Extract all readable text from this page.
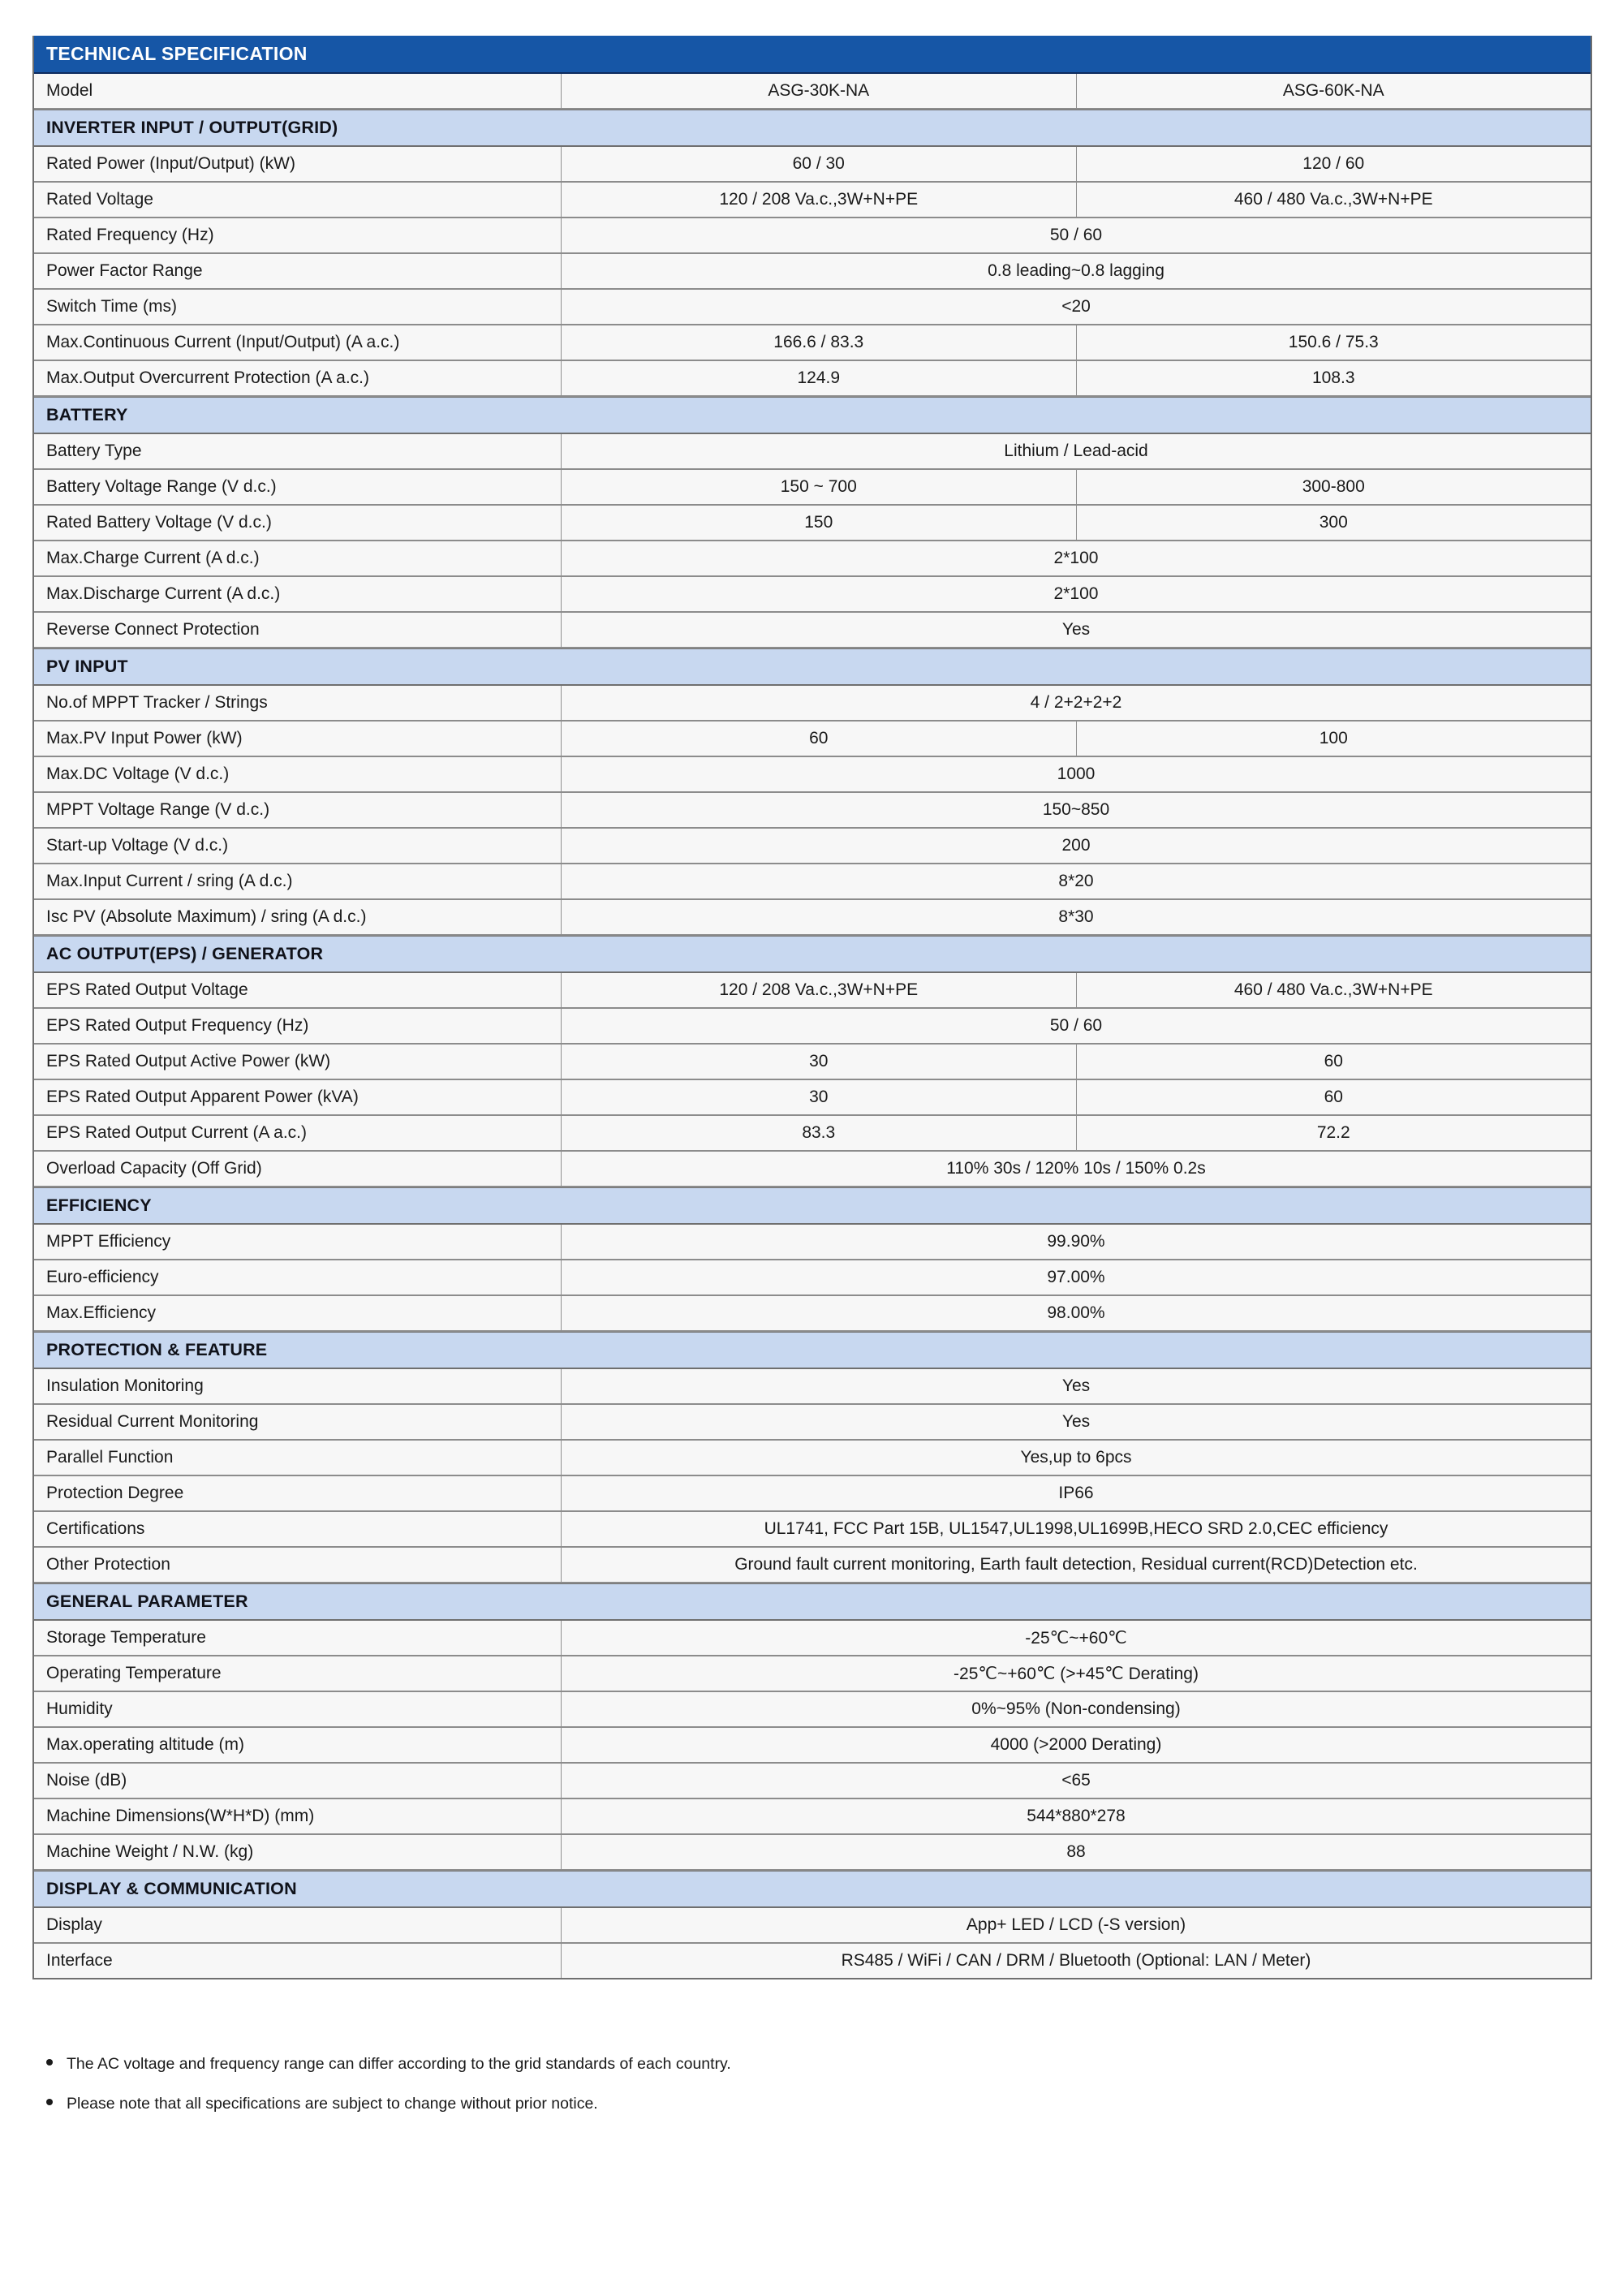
TECHNICAL SPECIFICATION
Model	ASG-30K-NA	ASG-60K-NA
INVERTER INPUT / OUTPUT(GRID)
Rated Power (Input/Output) (kW)	60 / 30	120 / 60
Rated Voltage	120 / 208 Va.c.,3W+N+PE	460 / 480 Va.c.,3W+N+PE
Rated Frequency (Hz)	50 / 60
Power Factor Range	0.8 leading~0.8 lagging
Switch Time (ms)	<20
Max.Continuous Current (Input/Output) (A a.c.)	166.6 / 83.3	150.6 / 75.3
Max.Output Overcurrent Protection (A a.c.)	124.9	108.3
BATTERY
Battery Type	Lithium / Lead-acid
Battery Voltage Range (V d.c.)	150 ~ 700	300-800
Rated Battery Voltage (V d.c.)	150	300
Max.Charge Current (A d.c.)	2*100
Max.Discharge Current (A d.c.)	2*100
Reverse Connect Protection	Yes
PV INPUT
No.of MPPT Tracker / Strings	4 / 2+2+2+2
Max.PV Input Power (kW)	60	100
Max.DC Voltage (V d.c.)	1000
MPPT Voltage Range (V d.c.)	150~850
Start-up Voltage (V d.c.)	200
Max.Input Current / sring (A d.c.)	8*20
Isc PV (Absolute Maximum) / sring (A d.c.)	8*30
AC OUTPUT(EPS) / GENERATOR
EPS Rated Output Voltage	120 / 208 Va.c.,3W+N+PE	460 / 480 Va.c.,3W+N+PE
EPS Rated Output Frequency (Hz)	50 / 60
EPS Rated Output Active Power (kW)	30	60
EPS Rated Output Apparent Power (kVA)	30	60
EPS Rated Output Current (A a.c.)	83.3	72.2
Overload Capacity (Off Grid)	110% 30s / 120% 10s / 150% 0.2s
EFFICIENCY
MPPT Efficiency	99.90%
Euro-efficiency	97.00%
Max.Efficiency	98.00%
PROTECTION & FEATURE
Insulation Monitoring	Yes
Residual Current Monitoring	Yes
Parallel Function	Yes,up to 6pcs
Protection Degree	IP66
Certifications	UL1741, FCC Part 15B, UL1547,UL1998,UL1699B,HECO SRD 2.0,CEC efficiency
Other Protection	Ground fault current monitoring, Earth fault detection, Residual current(RCD)Detection etc.
GENERAL PARAMETER
Storage Temperature	-25℃~+60℃
Operating Temperature	-25℃~+60℃ (>+45℃ Derating)
Humidity	0%~95% (Non-condensing)
Max.operating altitude (m)	4000 (>2000 Derating)
Noise (dB)	<65
Machine Dimensions(W*H*D) (mm)	544*880*278
Machine Weight / N.W. (kg)	88
DISPLAY & COMMUNICATION
Display	App+ LED / LCD (-S version)
Interface	RS485 / WiFi / CAN / DRM / Bluetooth (Optional: LAN / Meter)
The AC voltage and frequency range can differ according to the grid standards of each country.
Please note that all specifications are subject to change without prior notice.
